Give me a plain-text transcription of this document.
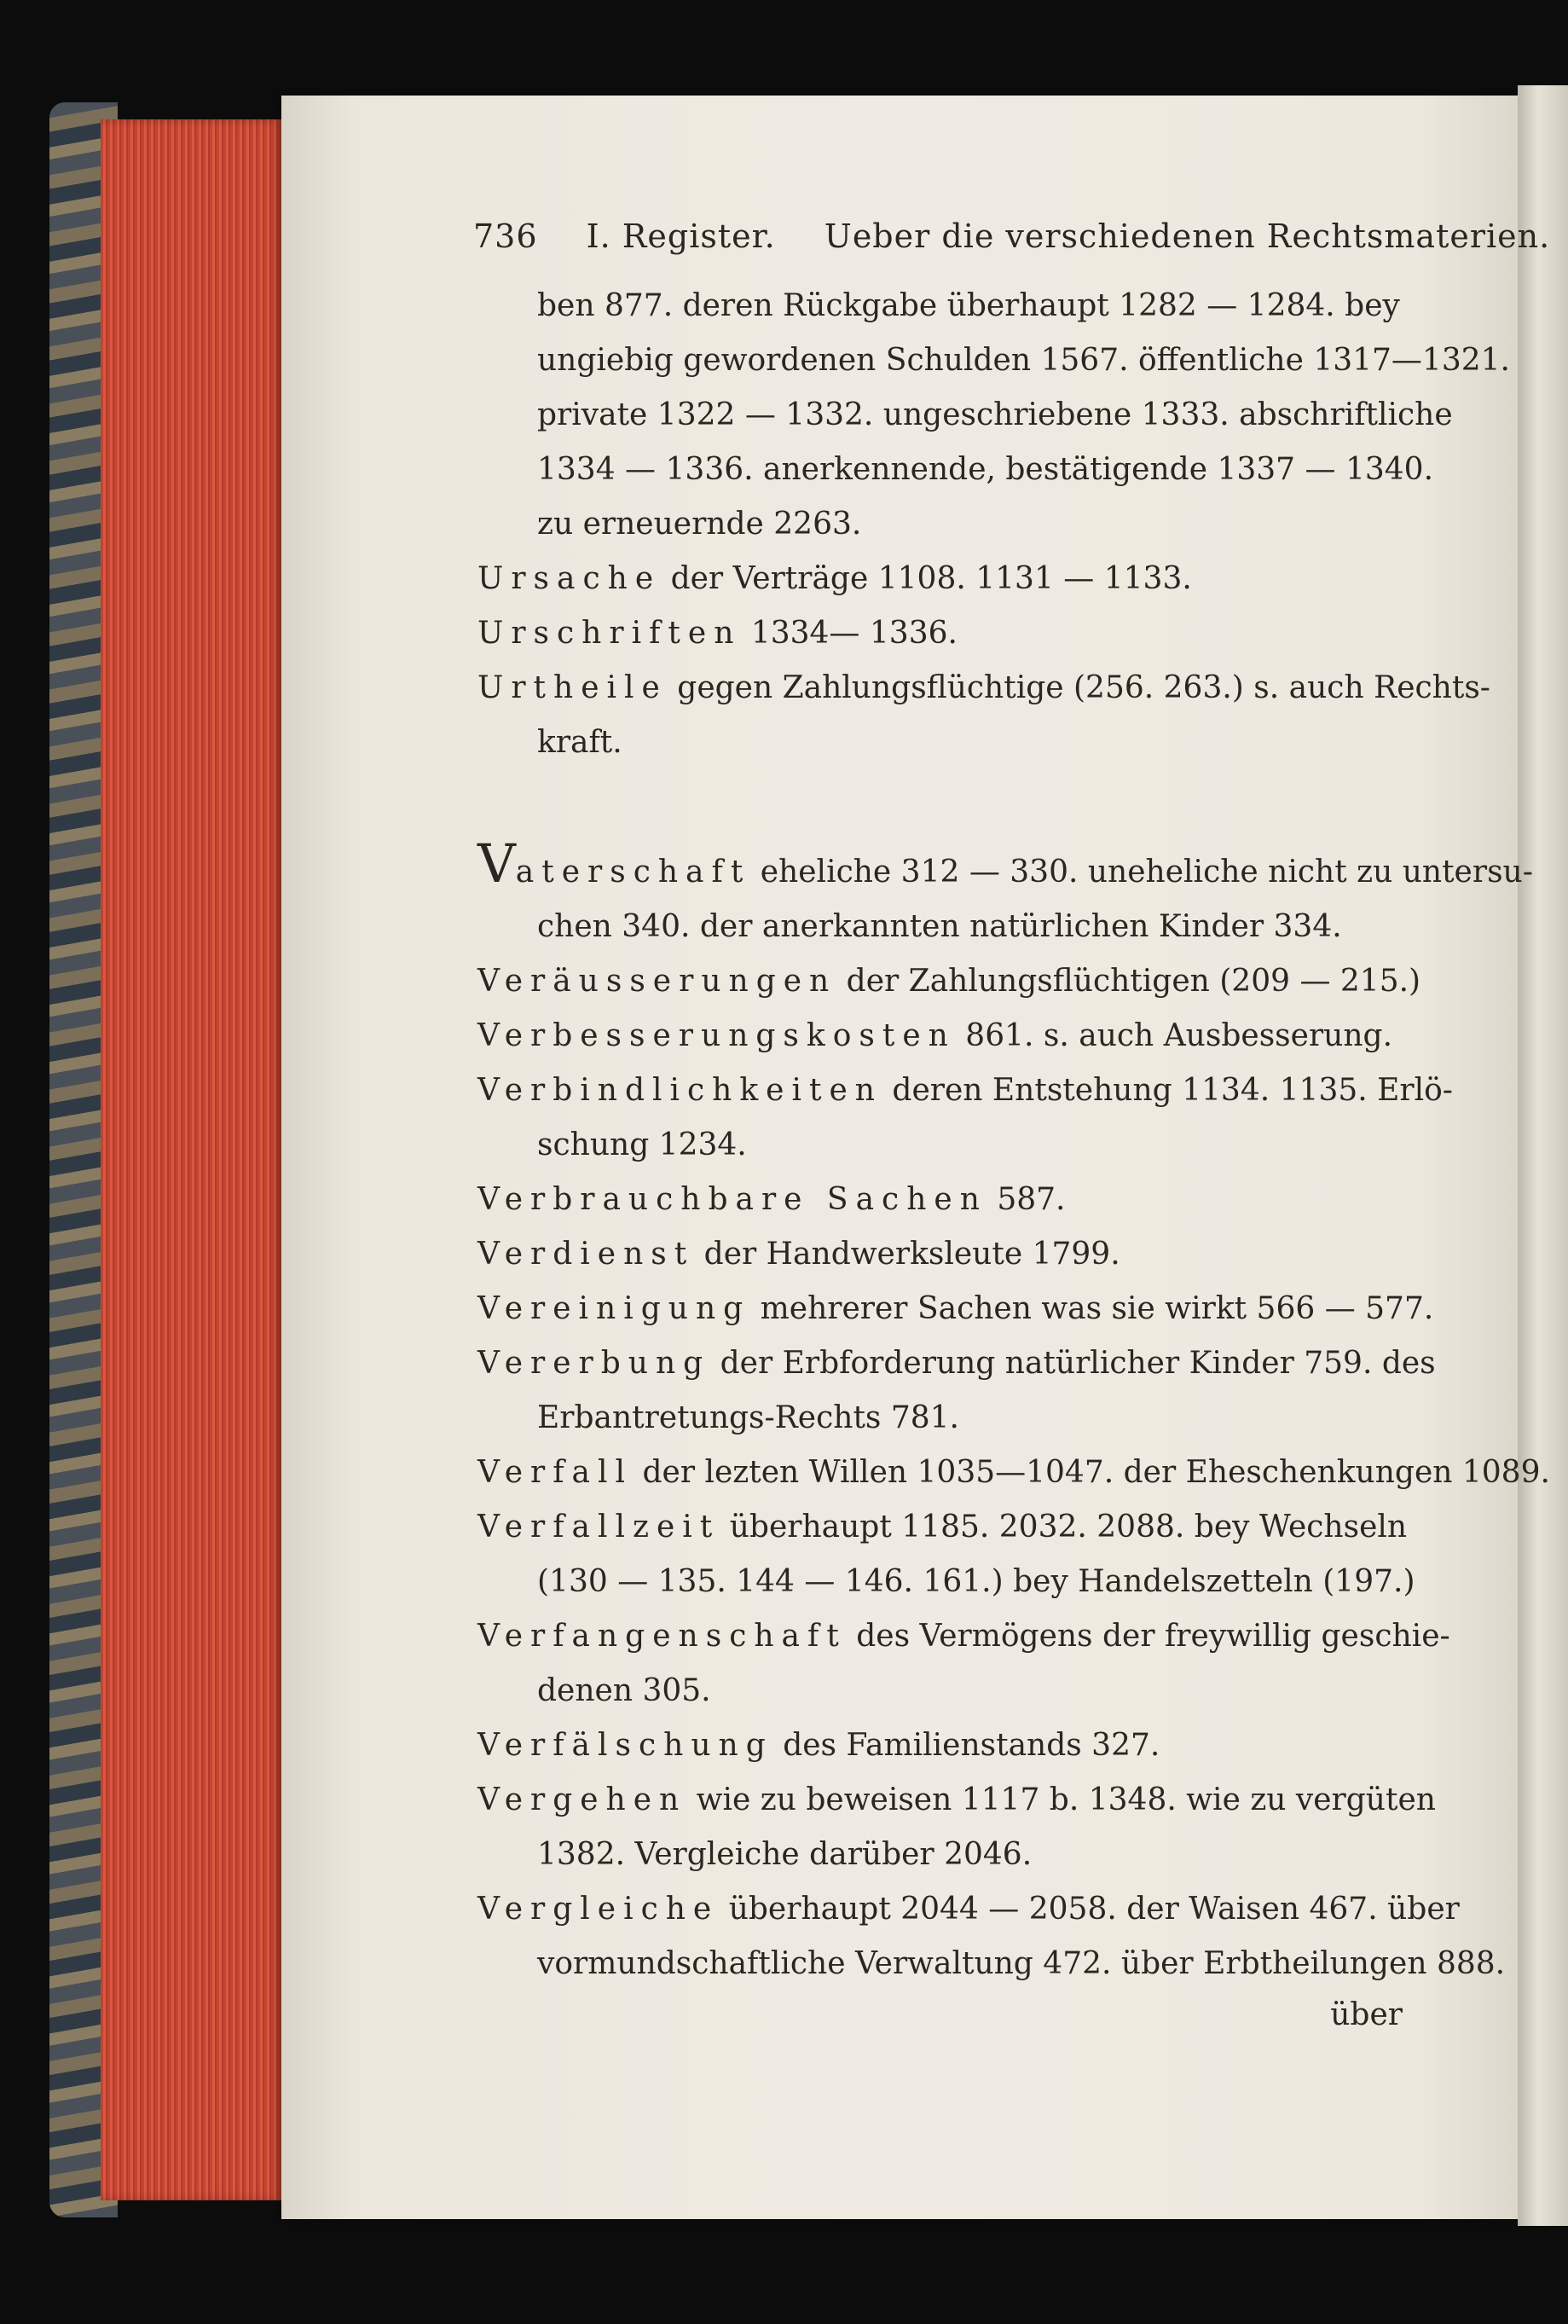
736 I. Register. Ueber die verschiedenen Rechtsmaterien.
ben 877. deren Rückgabe überhaupt 1282 — 1284. bey
ungiebig gewordenen Schulden 1567. öffentliche 1317—1321.
private 1322 — 1332. ungeschriebene 1333. abschriftliche
1334 — 1336. anerkennende, bestätigende 1337 — 1340.
zu erneuernde 2263.
Ursache der Verträge 1108. 1131 — 1133.
Urschriften 1334— 1336.
Urtheile gegen Zahlungsflüchtige (256. 263.) s. auch Rechts-
kraft.
Vaterschaft eheliche 312 — 330. uneheliche nicht zu untersu-
chen 340. der anerkannten natürlichen Kinder 334.
Veräusserungen der Zahlungsflüchtigen (209 — 215.)
Verbesserungskosten 861. s. auch Ausbesserung.
Verbindlichkeiten deren Entstehung 1134. 1135. Erlö-
schung 1234.
Verbrauchbare Sachen 587.
Verdienst der Handwerksleute 1799.
Vereinigung mehrerer Sachen was sie wirkt 566 — 577.
Vererbung der Erbforderung natürlicher Kinder 759. des
Erbantretungs-Rechts 781.
Verfall der lezten Willen 1035—1047. der Eheschenkungen 1089.
Verfallzeit überhaupt 1185. 2032. 2088. bey Wechseln
(130 — 135. 144 — 146. 161.) bey Handelszetteln (197.)
Verfangenschaft des Vermögens der freywillig geschie-
denen 305.
Verfälschung des Familienstands 327.
Vergehen wie zu beweisen 1117 b. 1348. wie zu vergüten
1382. Vergleiche darüber 2046.
Vergleiche überhaupt 2044 — 2058. der Waisen 467. über
vormundschaftliche Verwaltung 472. über Erbtheilungen 888.
über
